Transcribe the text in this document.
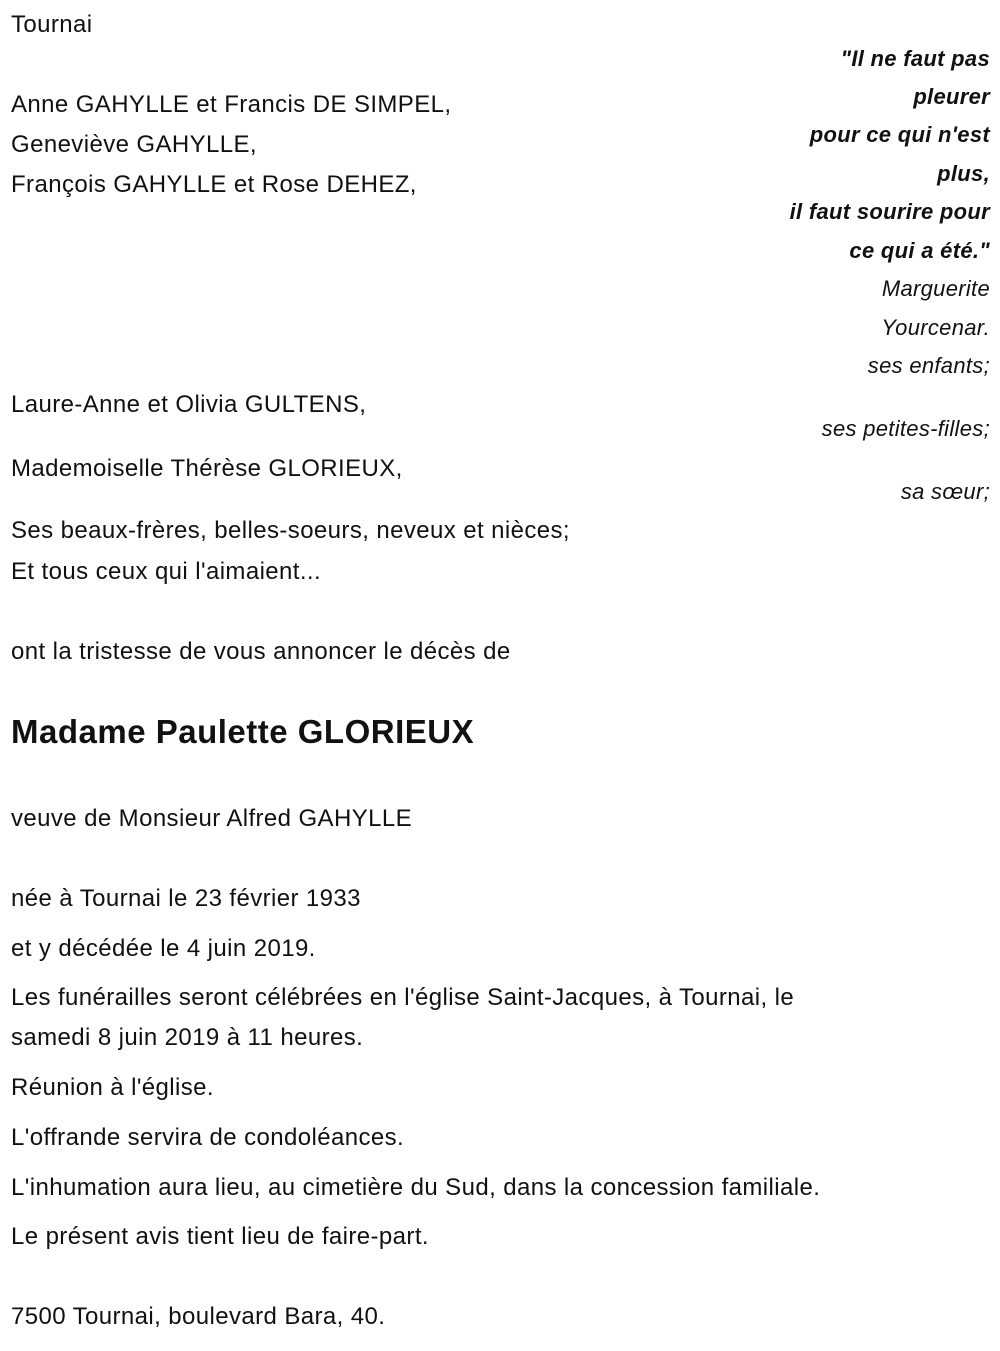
Tournai
Anne GAHYLLE et Francis DE SIMPEL,
Geneviève GAHYLLE,
François GAHYLLE et Rose DEHEZ,
"Il ne faut pas
pleurer
pour ce qui n'est
plus,
il faut sourire pour
ce qui a été."
Marguerite
Yourcenar.
ses enfants;
ses petites-filles;
sa sœur;
Laure-Anne et Olivia GULTENS,
Mademoiselle Thérèse GLORIEUX,
Ses beaux-frères, belles-soeurs, neveux et nièces;
Et tous ceux qui l'aimaient...
ont la tristesse de vous annoncer le décès de
Madame Paulette GLORIEUX
veuve de Monsieur Alfred GAHYLLE
née à Tournai le 23 février 1933
et y décédée le 4 juin 2019.
Les funérailles seront célébrées en l'église Saint-Jacques, à Tournai, le
samedi 8 juin 2019 à 11 heures.
Réunion à l'église.
L'offrande servira de condoléances.
L'inhumation aura lieu, au cimetière du Sud, dans la concession familiale.
Le présent avis tient lieu de faire-part.
7500 Tournai, boulevard Bara, 40.
